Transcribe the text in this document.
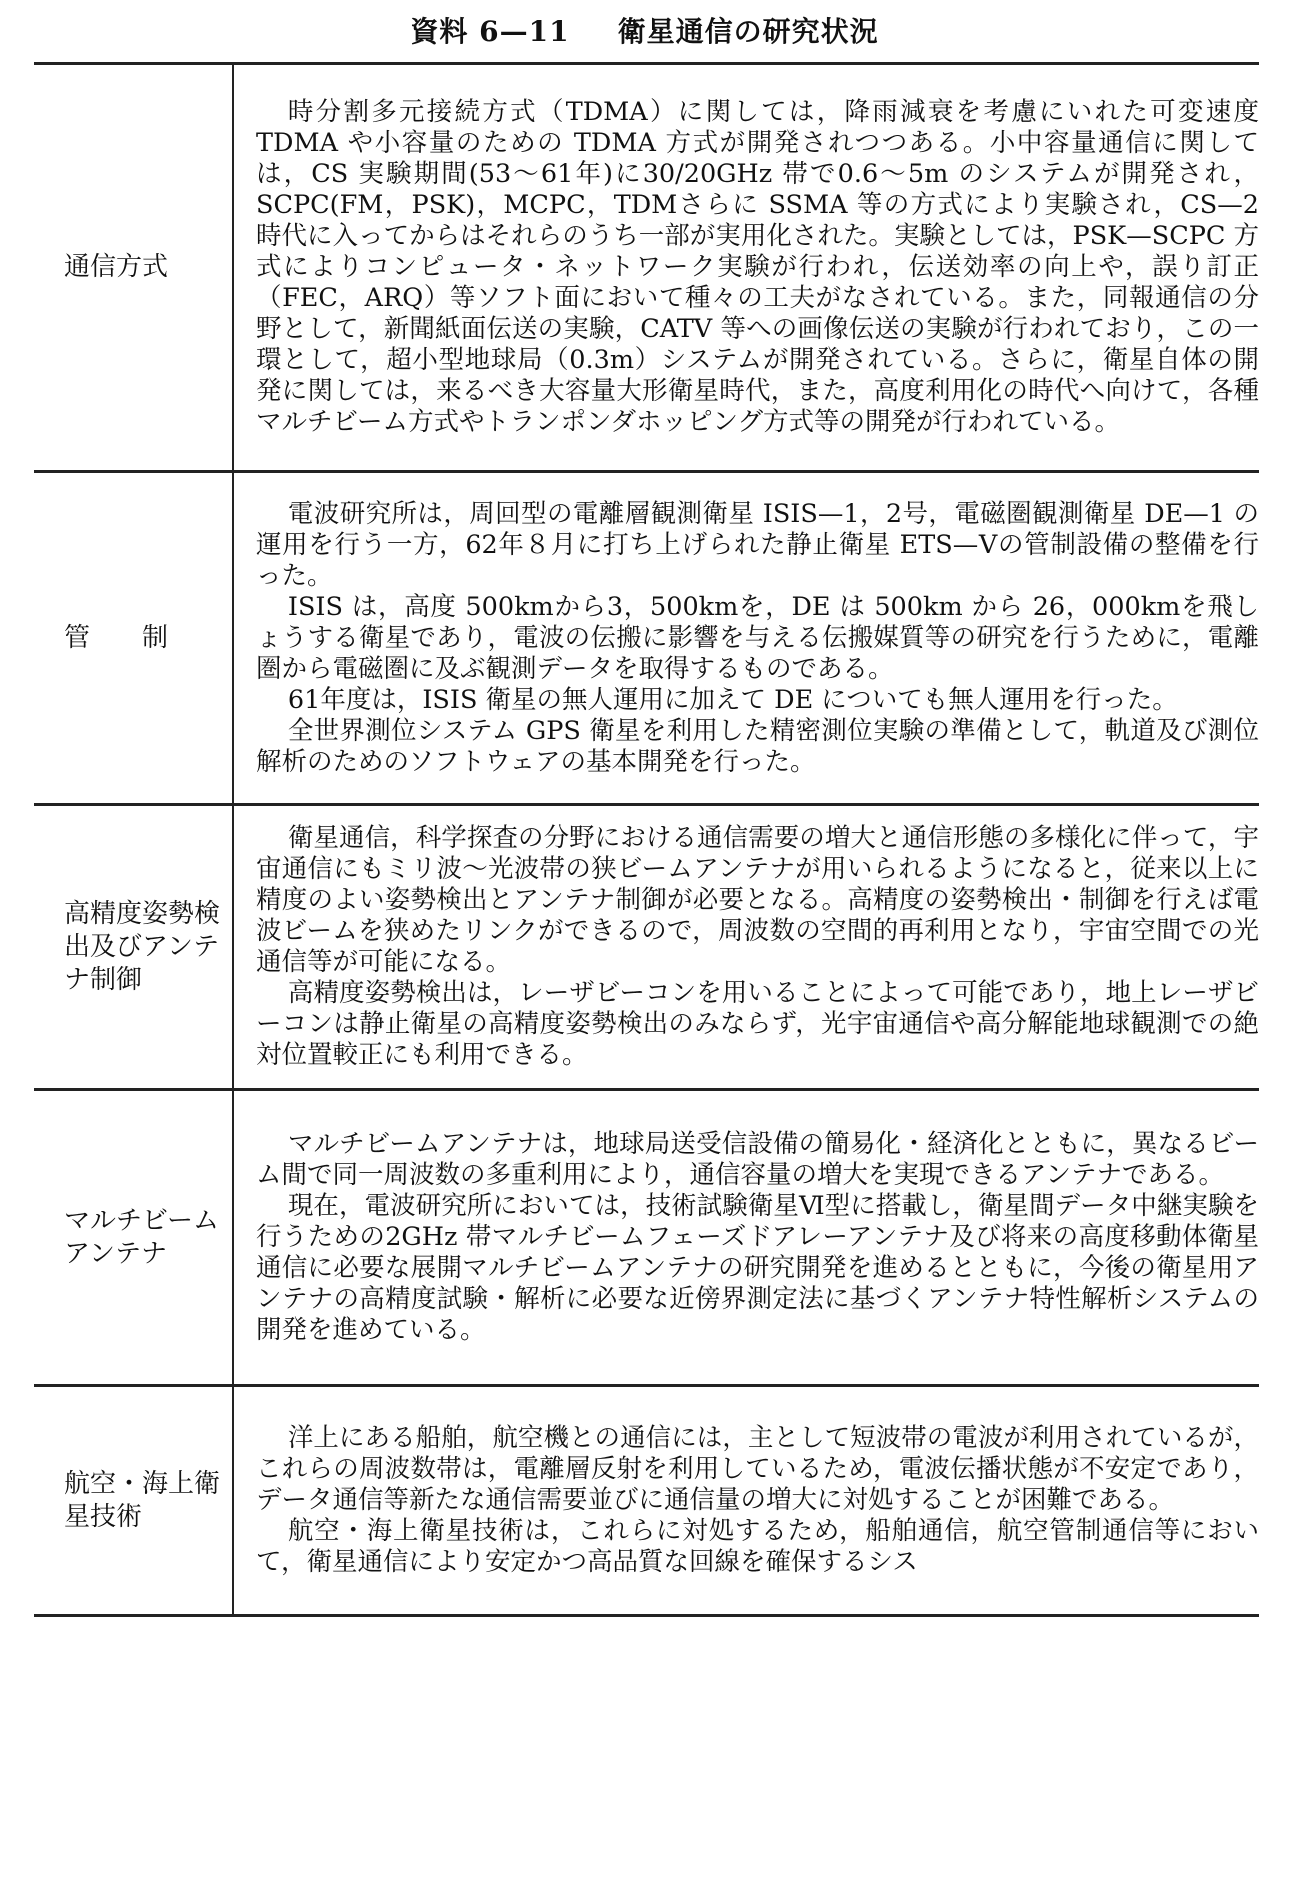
資料 6—11 衛星通信の研究状況
通信方式	時分割多元接続方式（TDMA）に関しては，降雨減衰を考慮にいれた可変速度 TDMA や小容量のための TDMA 方式が開発されつつある。小中容量通信に関しては，CS 実験期間(53〜61年)に30/20GHz 帯で0.6〜5m のシステムが開発され，SCPC(FM，PSK)，MCPC，TDMさらに SSMA 等の方式により実験され，CS—2 時代に入ってからはそれらのうち一部が実用化された。実験としては，PSK—SCPC 方式によりコンピュータ・ネットワーク実験が行われ，伝送効率の向上や，誤り訂正（FEC，ARQ）等ソフト面において種々の工夫がなされている。また，同報通信の分野として，新聞紙面伝送の実験，CATV 等への画像伝送の実験が行われており，この一環として，超小型地球局（0.3m）システムが開発されている。さらに，衛星自体の開発に関しては，来るべき大容量大形衛星時代，また，高度利用化の時代へ向けて，各種マルチビーム方式やトランポンダホッピング方式等の開発が行われている。

管制	電波研究所は，周回型の電離層観測衛星 ISIS—1，2号，電磁圏観測衛星 DE—1 の運用を行う一方，62年８月に打ち上げられた静止衛星 ETS—Ⅴの管制設備の整備を行った。

ISIS は，高度 500kmから3，500kmを，DE は 500km から 26，000kmを飛しょうする衛星であり，電波の伝搬に影響を与える伝搬媒質等の研究を行うために，電離圏から電磁圏に及ぶ観測データを取得するものである。

61年度は，ISIS 衛星の無人運用に加えて DE についても無人運用を行った。

全世界測位システム GPS 衛星を利用した精密測位実験の準備として，軌道及び測位解析のためのソフトウェアの基本開発を行った。

高精度姿勢検出及びアンテナ制御	衛星通信，科学探査の分野における通信需要の増大と通信形態の多様化に伴って，宇宙通信にもミリ波〜光波帯の狭ビームアンテナが用いられるようになると，従来以上に精度のよい姿勢検出とアンテナ制御が必要となる。高精度の姿勢検出・制御を行えば電波ビームを狭めたリンクができるので，周波数の空間的再利用となり，宇宙空間での光通信等が可能になる。

高精度姿勢検出は，レーザビーコンを用いることによって可能であり，地上レーザビーコンは静止衛星の高精度姿勢検出のみならず，光宇宙通信や高分解能地球観測での絶対位置較正にも利用できる。

マルチビームアンテナ	マルチビームアンテナは，地球局送受信設備の簡易化・経済化とともに，異なるビーム間で同一周波数の多重利用により，通信容量の増大を実現できるアンテナである。

現在，電波研究所においては，技術試験衛星Ⅵ型に搭載し，衛星間データ中継実験を行うための2GHz 帯マルチビームフェーズドアレーアンテナ及び将来の高度移動体衛星通信に必要な展開マルチビームアンテナの研究開発を進めるとともに，今後の衛星用アンテナの高精度試験・解析に必要な近傍界測定法に基づくアンテナ特性解析システムの開発を進めている。

航空・海上衛星技術	洋上にある船舶，航空機との通信には，主として短波帯の電波が利用されているが，これらの周波数帯は，電離層反射を利用しているため，電波伝播状態が不安定であり，データ通信等新たな通信需要並びに通信量の増大に対処することが困難である。

航空・海上衛星技術は，これらに対処するため，船舶通信，航空管制通信等において，衛星通信により安定かつ高品質な回線を確保するシス
